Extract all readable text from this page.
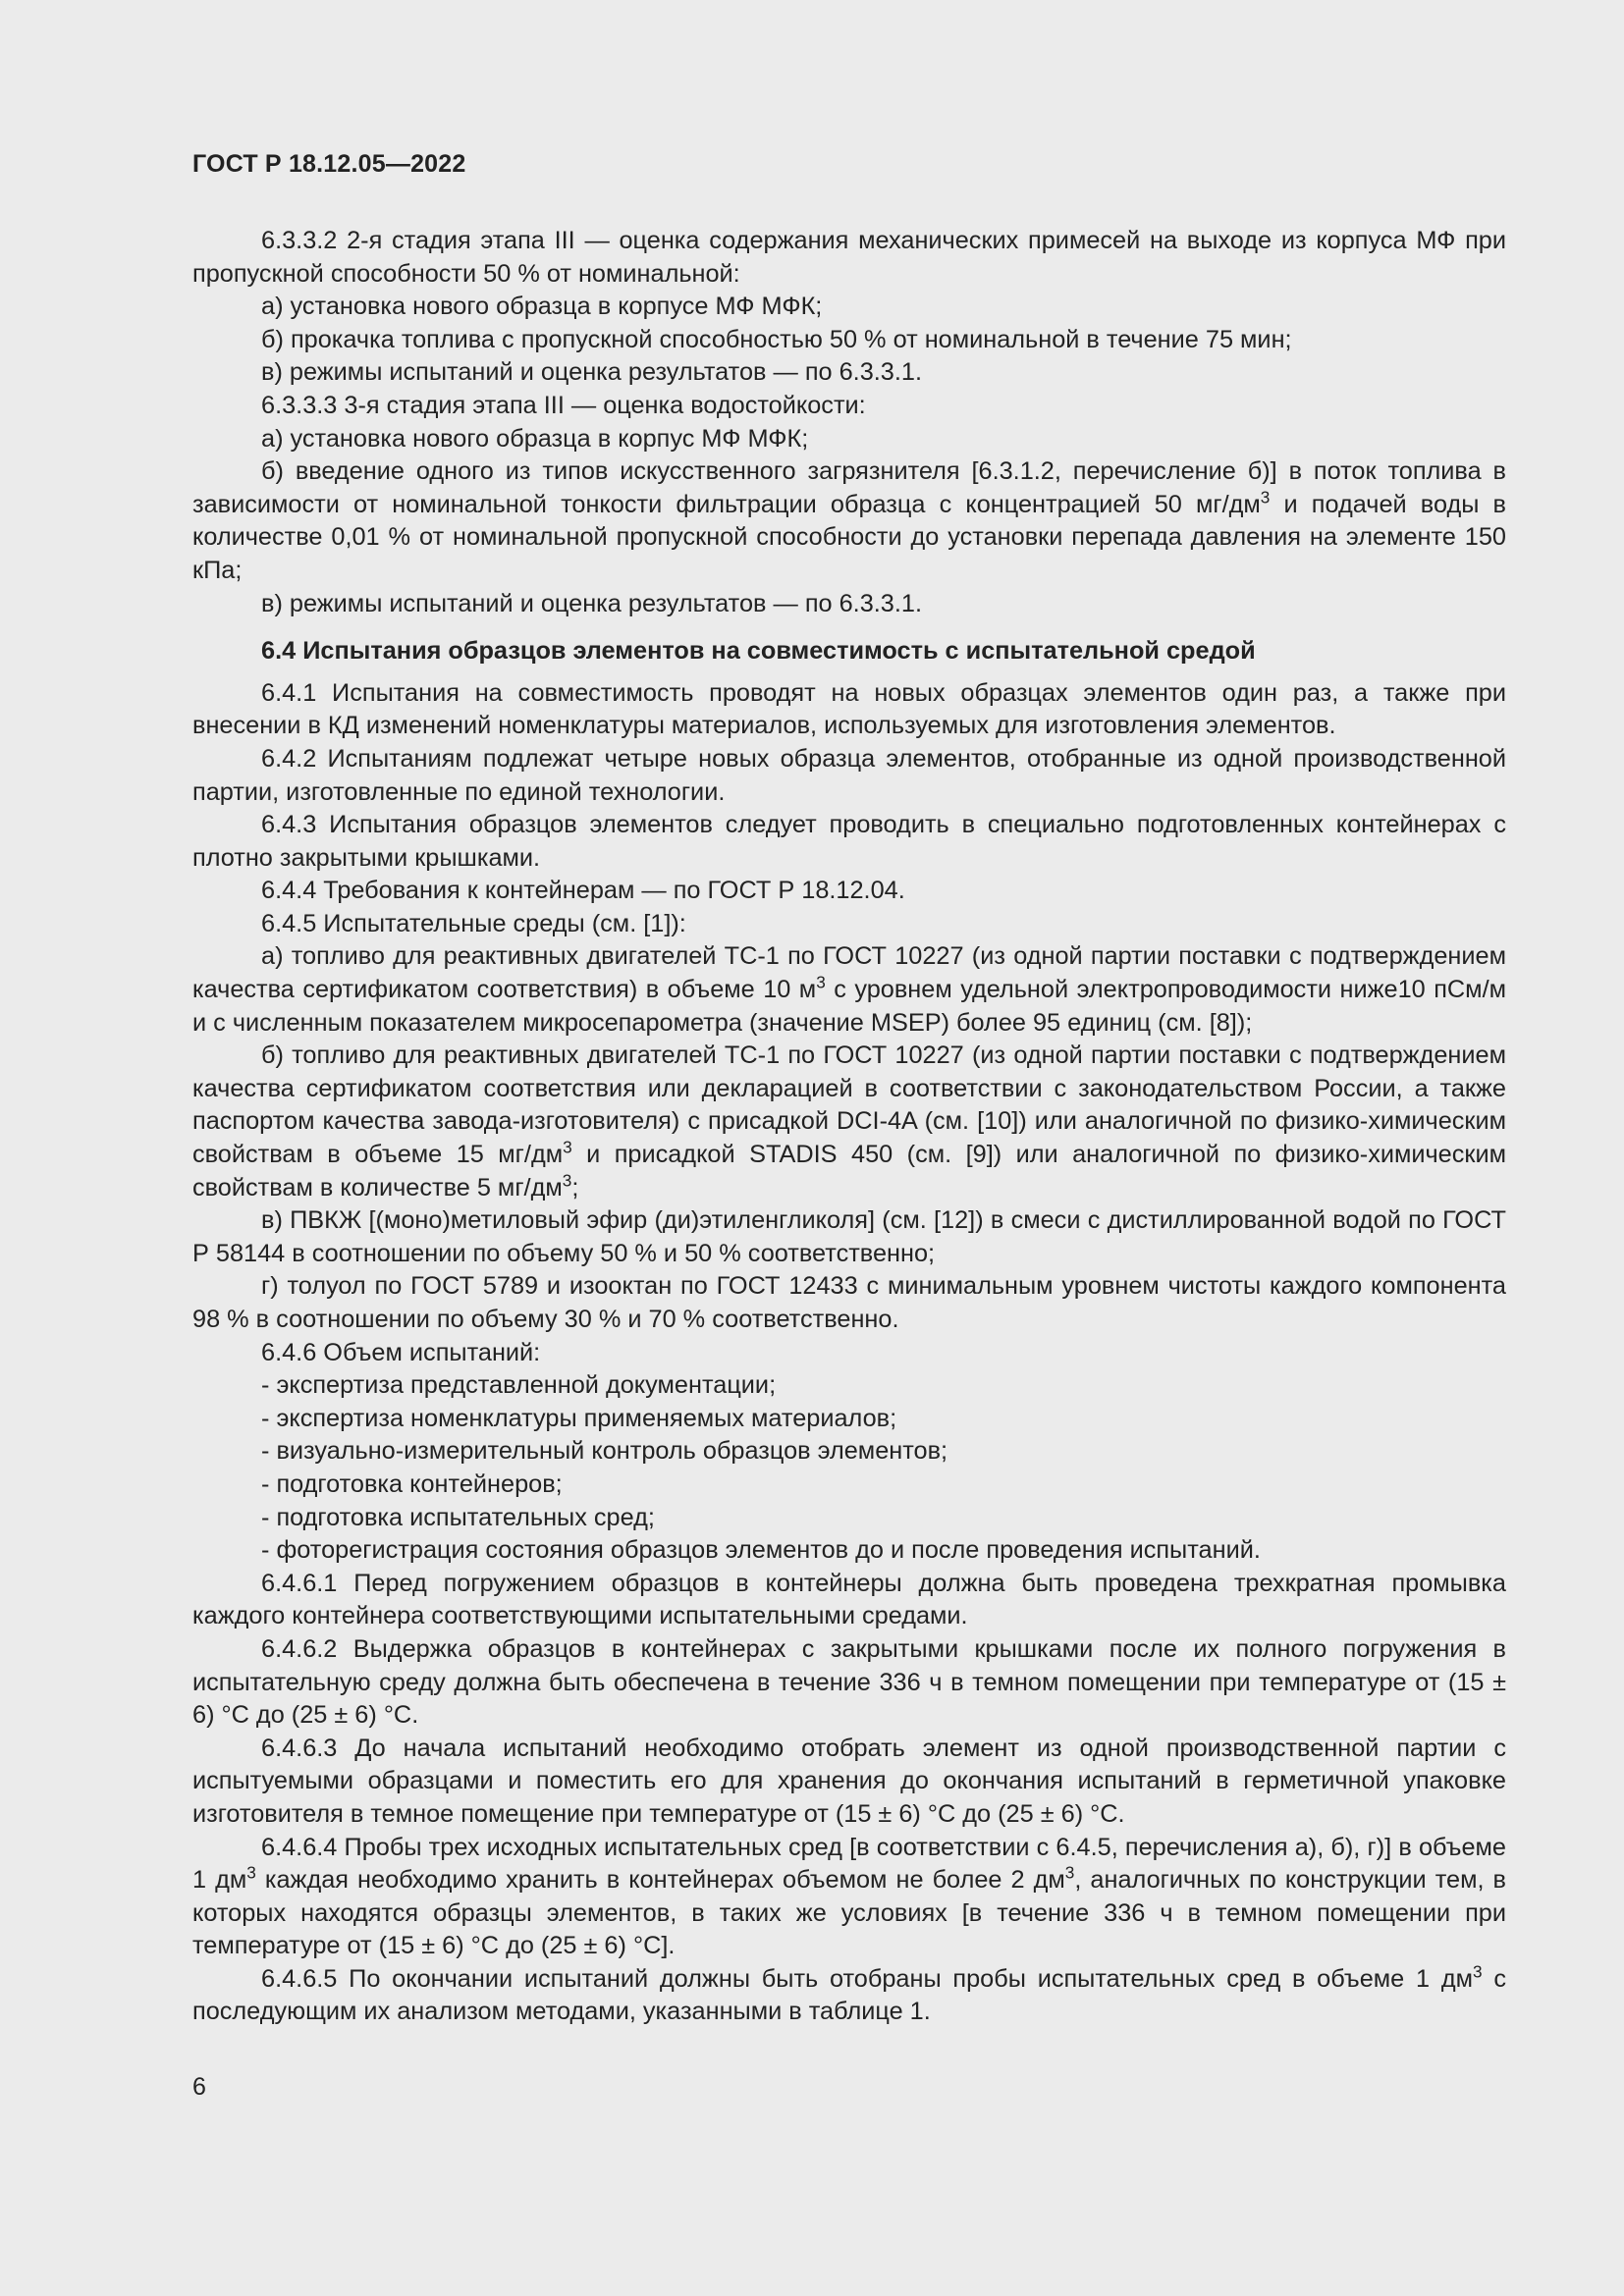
ГОСТ Р 18.12.05—2022

6.3.3.2 2-я стадия этапа III — оценка содержания механических примесей на выходе из корпуса МФ при пропускной способности 50 % от номинальной:

а) установка нового образца в корпусе МФ МФК;

б) прокачка топлива с пропускной способностью 50 % от номинальной в течение 75 мин;

в) режимы испытаний и оценка результатов — по 6.3.3.1.

6.3.3.3 3-я стадия этапа III — оценка водостойкости:

а) установка нового образца в корпус МФ МФК;

б) введение одного из типов искусственного загрязнителя [6.3.1.2, перечисление б)] в поток топлива в зависимости от номинальной тонкости фильтрации образца с концентрацией 50 $мг/дм^3$ и подачей воды в количестве 0,01 % от номинальной пропускной способности до установки перепада давления на элементе 150 кПа;

в) режимы испытаний и оценка результатов — по 6.3.3.1.

6.4 Испытания образцов элементов на совместимость с испытательной средой

6.4.1 Испытания на совместимость проводят на новых образцах элементов один раз, а также при внесении в КД изменений номенклатуры материалов, используемых для изготовления элементов.

6.4.2 Испытаниям подлежат четыре новых образца элементов, отобранные из одной производственной партии, изготовленные по единой технологии.

6.4.3 Испытания образцов элементов следует проводить в специально подготовленных контейнерах с плотно закрытыми крышками.

6.4.4 Требования к контейнерам — по ГОСТ Р 18.12.04.

6.4.5 Испытательные среды (см. [1]):

а) топливо для реактивных двигателей ТС-1 по ГОСТ 10227 (из одной партии поставки с подтверждением качества сертификатом соответствия) в объеме 10 $м^3$ с уровнем удельной электропроводимости ниже10 пСм/м и с численным показателем микросепарометра (значение MSEP) более 95 единиц (см. [8]);

б) топливо для реактивных двигателей ТС-1 по ГОСТ 10227 (из одной партии поставки с подтверждением качества сертификатом соответствия или декларацией в соответствии с законодательством России, а также паспортом качества завода-изготовителя) с присадкой DCI-4A (см. [10]) или аналогичной по физико-химическим свойствам в объеме 15 $мг/дм^3$ и присадкой STADIS 450 (см. [9]) или аналогичной по физико-химическим свойствам в количестве 5 $мг/дм^3$;

в) ПВКЖ [(моно)метиловый эфир (ди)этиленгликоля] (см. [12]) в смеси с дистиллированной водой по ГОСТ Р 58144 в соотношении по объему 50 % и 50 % соответственно;

г) толуол по ГОСТ 5789 и изооктан по ГОСТ 12433 с минимальным уровнем чистоты каждого компонента 98 % в соотношении по объему 30 % и 70 % соответственно.

6.4.6 Объем испытаний:

- экспертиза представленной документации;

- экспертиза номенклатуры применяемых материалов;

- визуально-измерительный контроль образцов элементов;

- подготовка контейнеров;

- подготовка испытательных сред;

- фоторегистрация состояния образцов элементов до и после проведения испытаний.

6.4.6.1 Перед погружением образцов в контейнеры должна быть проведена трехкратная промывка каждого контейнера соответствующими испытательными средами.

6.4.6.2 Выдержка образцов в контейнерах с закрытыми крышками после их полного погружения в испытательную среду должна быть обеспечена в течение 336 ч в темном помещении при температуре от (15 ± 6) °С до (25 ± 6) °С.

6.4.6.3 До начала испытаний необходимо отобрать элемент из одной производственной партии с испытуемыми образцами и поместить его для хранения до окончания испытаний в герметичной упаковке изготовителя в темное помещение при температуре от (15 ± 6) °С до (25 ± 6) °С.

6.4.6.4 Пробы трех исходных испытательных сред [в соответствии с 6.4.5, перечисления а), б), г)] в объеме 1 $дм^3$ каждая необходимо хранить в контейнерах объемом не более 2 $дм^3$, аналогичных по конструкции тем, в которых находятся образцы элементов, в таких же условиях [в течение 336 ч в темном помещении при температуре от (15 ± 6) °С до (25 ± 6) °С].

6.4.6.5 По окончании испытаний должны быть отобраны пробы испытательных сред в объеме 1 $дм^3$ с последующим их анализом методами, указанными в таблице 1.

6
